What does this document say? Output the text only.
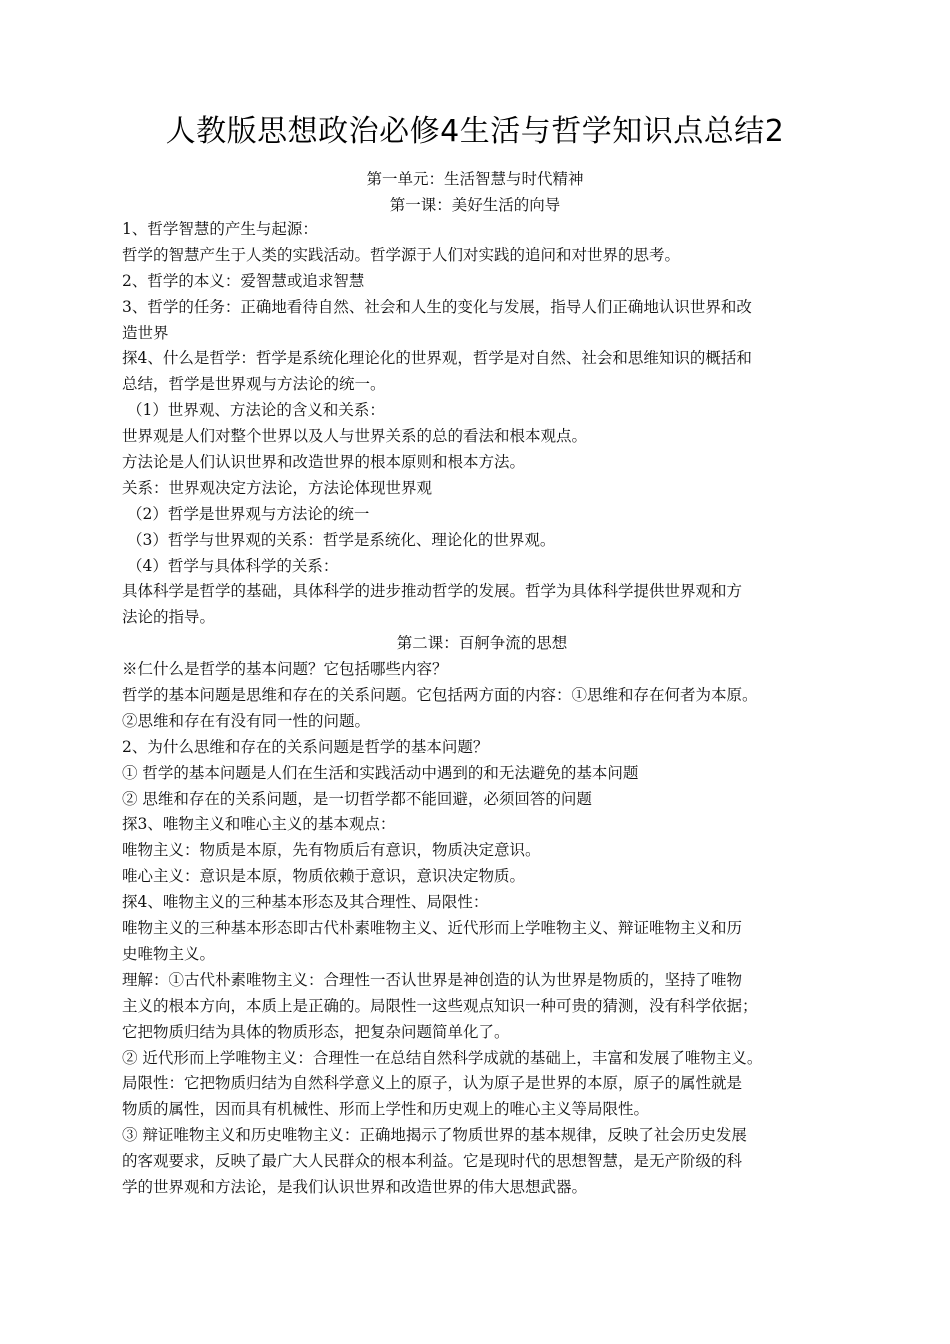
人教版思想政治必修4生活与哲学知识点总结2
第一单元：生活智慧与时代精神
第一课：美好生活的向导
1、哲学智慧的产生与起源：
哲学的智慧产生于人类的实践活动。哲学源于人们对实践的追问和对世界的思考。
2、哲学的本义：爱智慧或追求智慧
3、哲学的任务：正确地看待自然、社会和人生的变化与发展，指导人们正确地认识世界和改
造世界
探4、什么是哲学：哲学是系统化理论化的世界观，哲学是对自然、社会和思维知识的概括和
总结，哲学是世界观与方法论的统一。
（1）世界观、方法论的含义和关系：
世界观是人们对整个世界以及人与世界关系的总的看法和根本观点。
方法论是人们认识世界和改造世界的根本原则和根本方法。
关系：世界观决定方法论，方法论体现世界观
（2）哲学是世界观与方法论的统一
（3）哲学与世界观的关系：哲学是系统化、理论化的世界观。
（4）哲学与具体科学的关系：
具体科学是哲学的基础，具体科学的进步推动哲学的发展。哲学为具体科学提供世界观和方
法论的指导。
第二课：百舸争流的思想
※仁什么是哲学的基本问题？它包括哪些内容？
哲学的基本问题是思维和存在的关系问题。它包括两方面的内容：①思维和存在何者为本原。
②思维和存在有没有同一性的问题。
2、为什么思维和存在的关系问题是哲学的基本问题？
① 哲学的基本问题是人们在生活和实践活动中遇到的和无法避免的基本问题
② 思维和存在的关系问题，是一切哲学都不能回避，必须回答的问题
探3、唯物主义和唯心主义的基本观点：
唯物主义：物质是本原，先有物质后有意识，物质决定意识。
唯心主义：意识是本原，物质依赖于意识，意识决定物质。
探4、唯物主义的三种基本形态及其合理性、局限性：
唯物主义的三种基本形态即古代朴素唯物主义、近代形而上学唯物主义、辩证唯物主义和历
史唯物主义。
理解：①古代朴素唯物主义：合理性一否认世界是神创造的认为世界是物质的，坚持了唯物
主义的根本方向，本质上是正确的。局限性一这些观点知识一种可贵的猜测，没有科学依据；
它把物质归结为具体的物质形态，把复杂问题简单化了。
② 近代形而上学唯物主义：合理性一在总结自然科学成就的基础上，丰富和发展了唯物主义。
局限性：它把物质归结为自然科学意义上的原子，认为原子是世界的本原，原子的属性就是
物质的属性，因而具有机械性、形而上学性和历史观上的唯心主义等局限性。
③ 辩证唯物主义和历史唯物主义：正确地揭示了物质世界的基本规律，反映了社会历史发展
的客观要求，反映了最广大人民群众的根本利益。它是现时代的思想智慧，是无产阶级的科
学的世界观和方法论，是我们认识世界和改造世界的伟大思想武器。
